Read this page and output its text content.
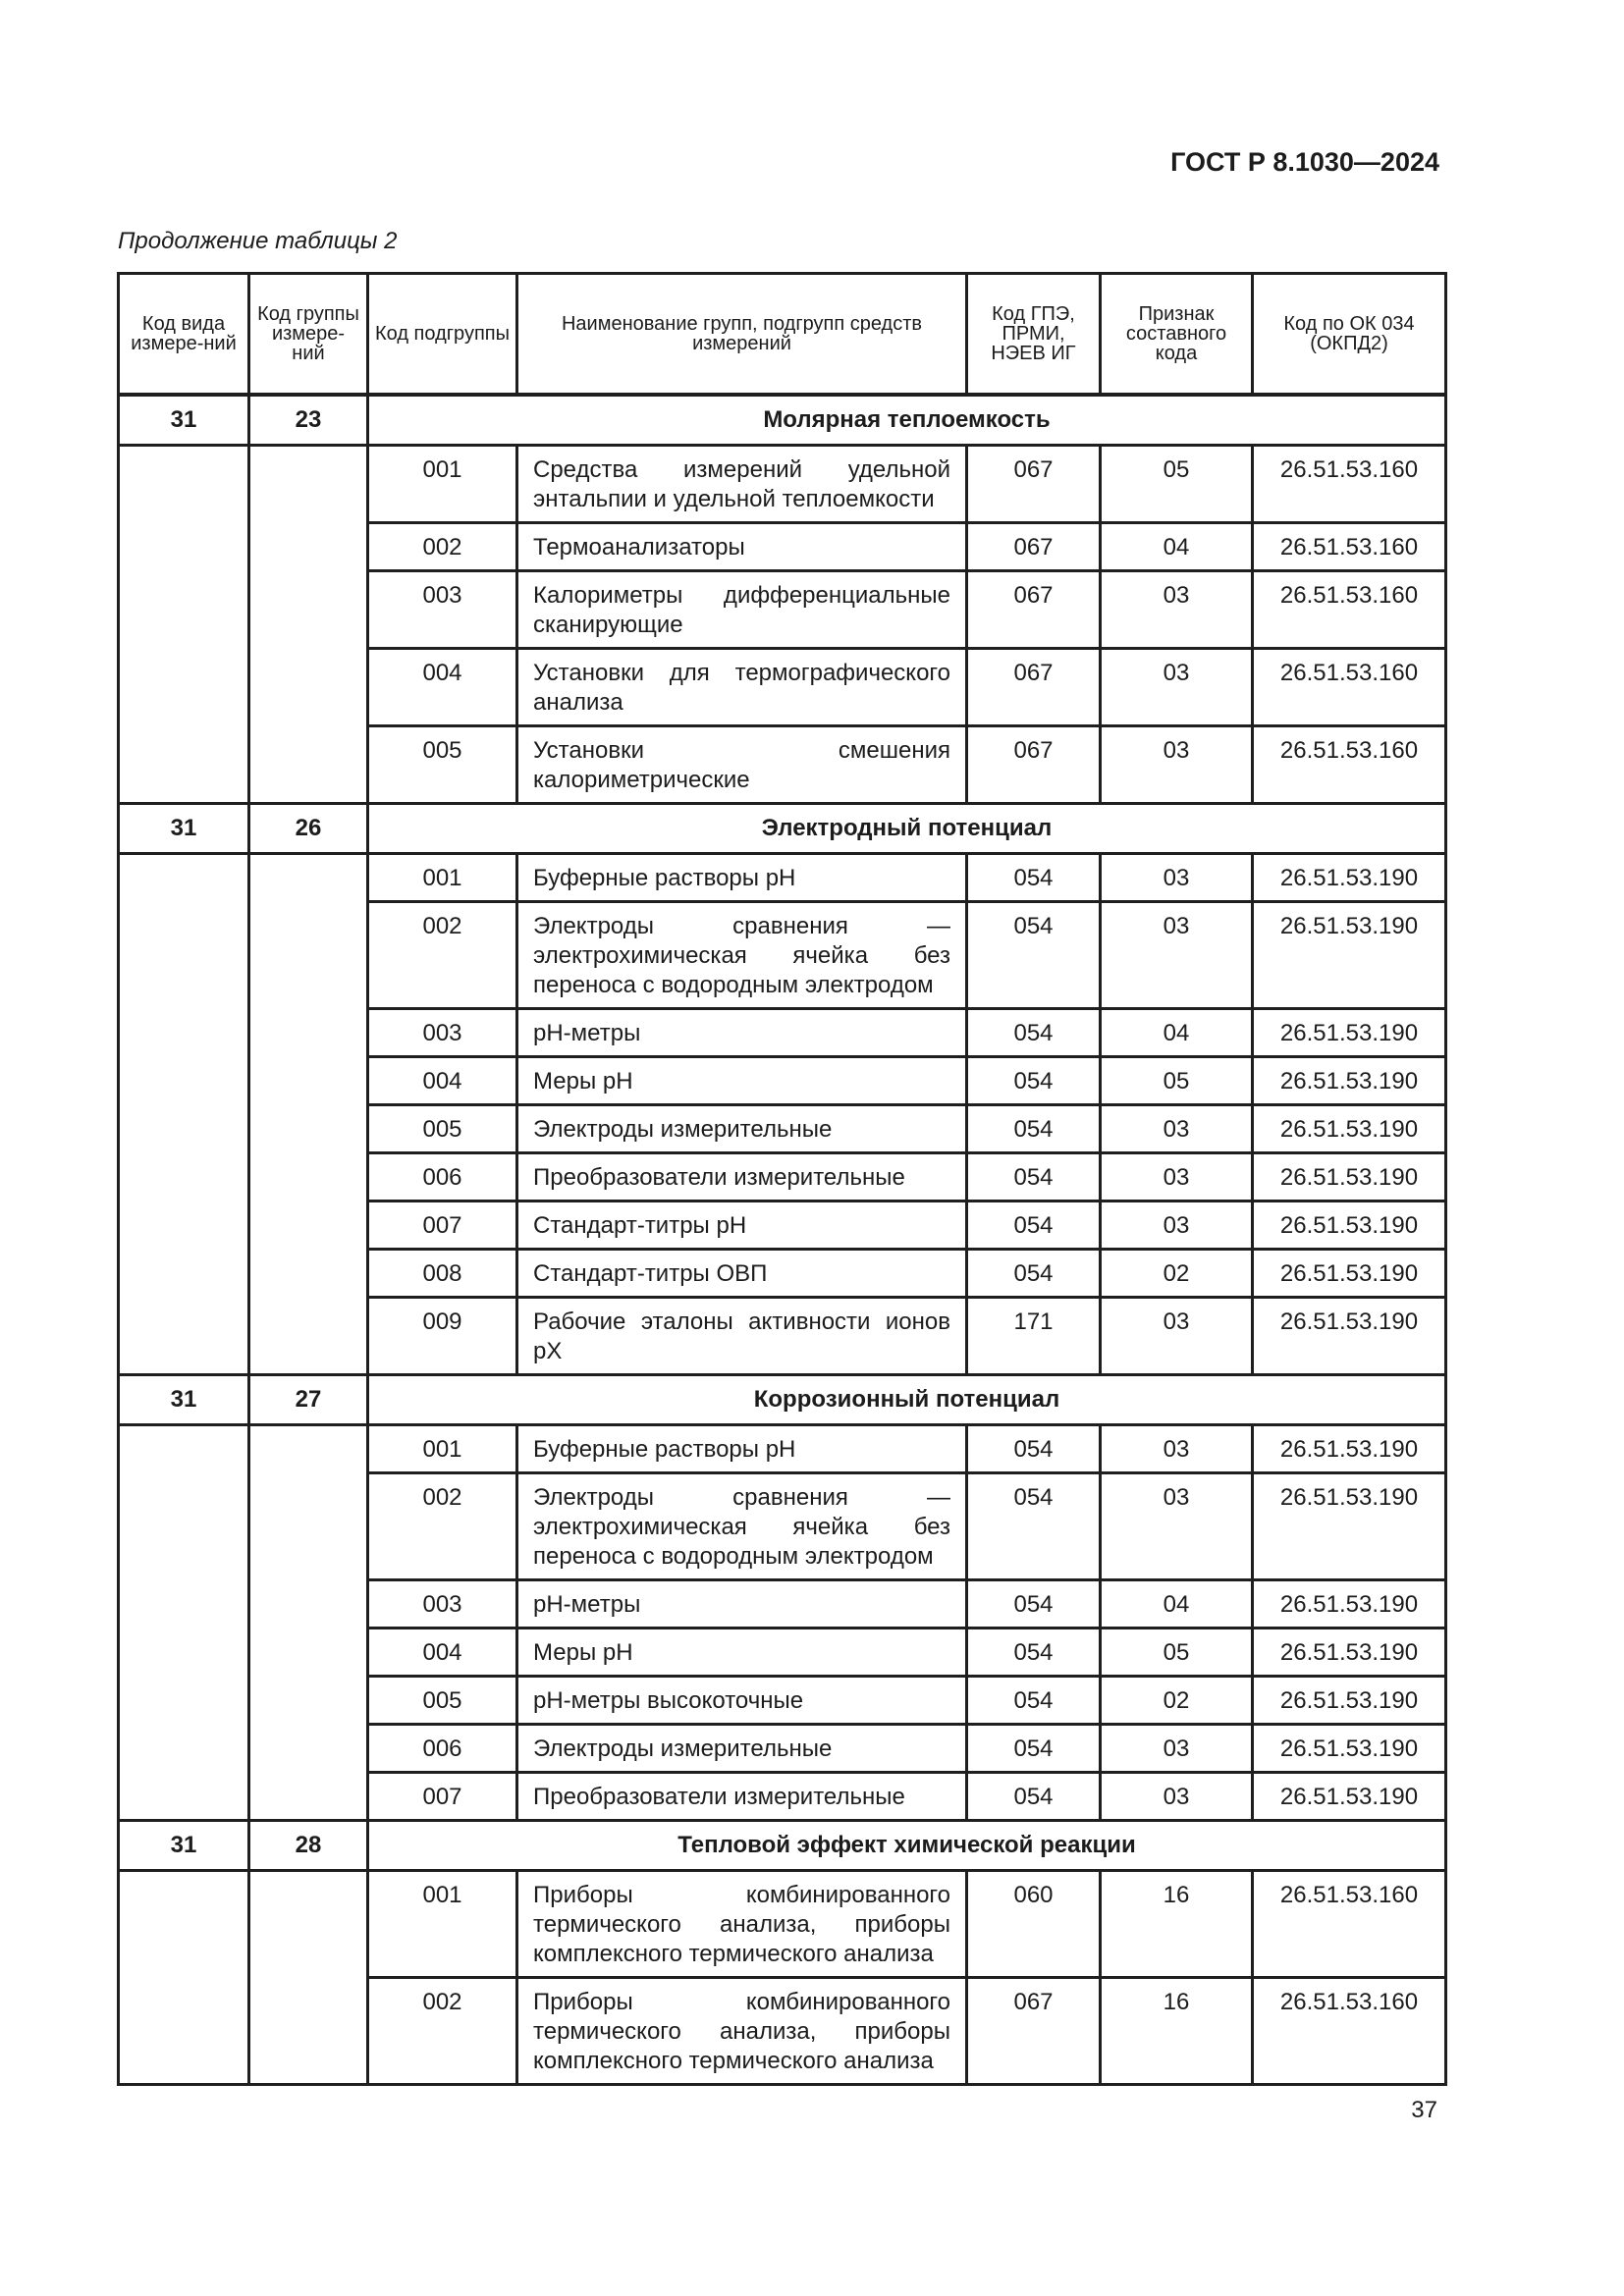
ГОСТ Р 8.1030—2024
Продолжение таблицы 2
Код вида измере-ний	Код группы измере-ний	Код подгруппы	Наименование групп, подгрупп средств измерений	Код ГПЭ, ПРМИ, НЭЕВ ИГ	Признак составного кода	Код по ОК 034 (ОКПД2)
31	23	Молярная теплоемкость				
		001	Средства измерений удельной энтальпии и удельной теплоемкости	067	05	26.51.53.160
		002	Термоанализаторы	067	04	26.51.53.160
		003	Калориметры дифференциальные сканирующие	067	03	26.51.53.160
		004	Установки для термографического анализа	067	03	26.51.53.160
		005	Установки смешения калориметрические	067	03	26.51.53.160
31	26	Электродный потенциал				
		001	Буферные растворы pH	054	03	26.51.53.190
		002	Электроды сравнения — электрохимическая ячейка без переноса с водородным электродом	054	03	26.51.53.190
		003	pH-метры	054	04	26.51.53.190
		004	Меры pH	054	05	26.51.53.190
		005	Электроды измерительные	054	03	26.51.53.190
		006	Преобразователи измерительные	054	03	26.51.53.190
		007	Стандарт-титры pH	054	03	26.51.53.190
		008	Стандарт-титры ОВП	054	02	26.51.53.190
		009	Рабочие эталоны активности ионов pX	171	03	26.51.53.190
31	27	Коррозионный потенциал				
		001	Буферные растворы pH	054	03	26.51.53.190
		002	Электроды сравнения — электрохимическая ячейка без переноса с водородным электродом	054	03	26.51.53.190
		003	pH-метры	054	04	26.51.53.190
		004	Меры pH	054	05	26.51.53.190
		005	pH-метры высокоточные	054	02	26.51.53.190
		006	Электроды измерительные	054	03	26.51.53.190
		007	Преобразователи измерительные	054	03	26.51.53.190
31	28	Тепловой эффект химической реакции				
		001	Приборы комбинированного термического анализа, приборы комплексного термического анализа	060	16	26.51.53.160
		002	Приборы комбинированного термического анализа, приборы комплексного термического анализа	067	16	26.51.53.160
37
